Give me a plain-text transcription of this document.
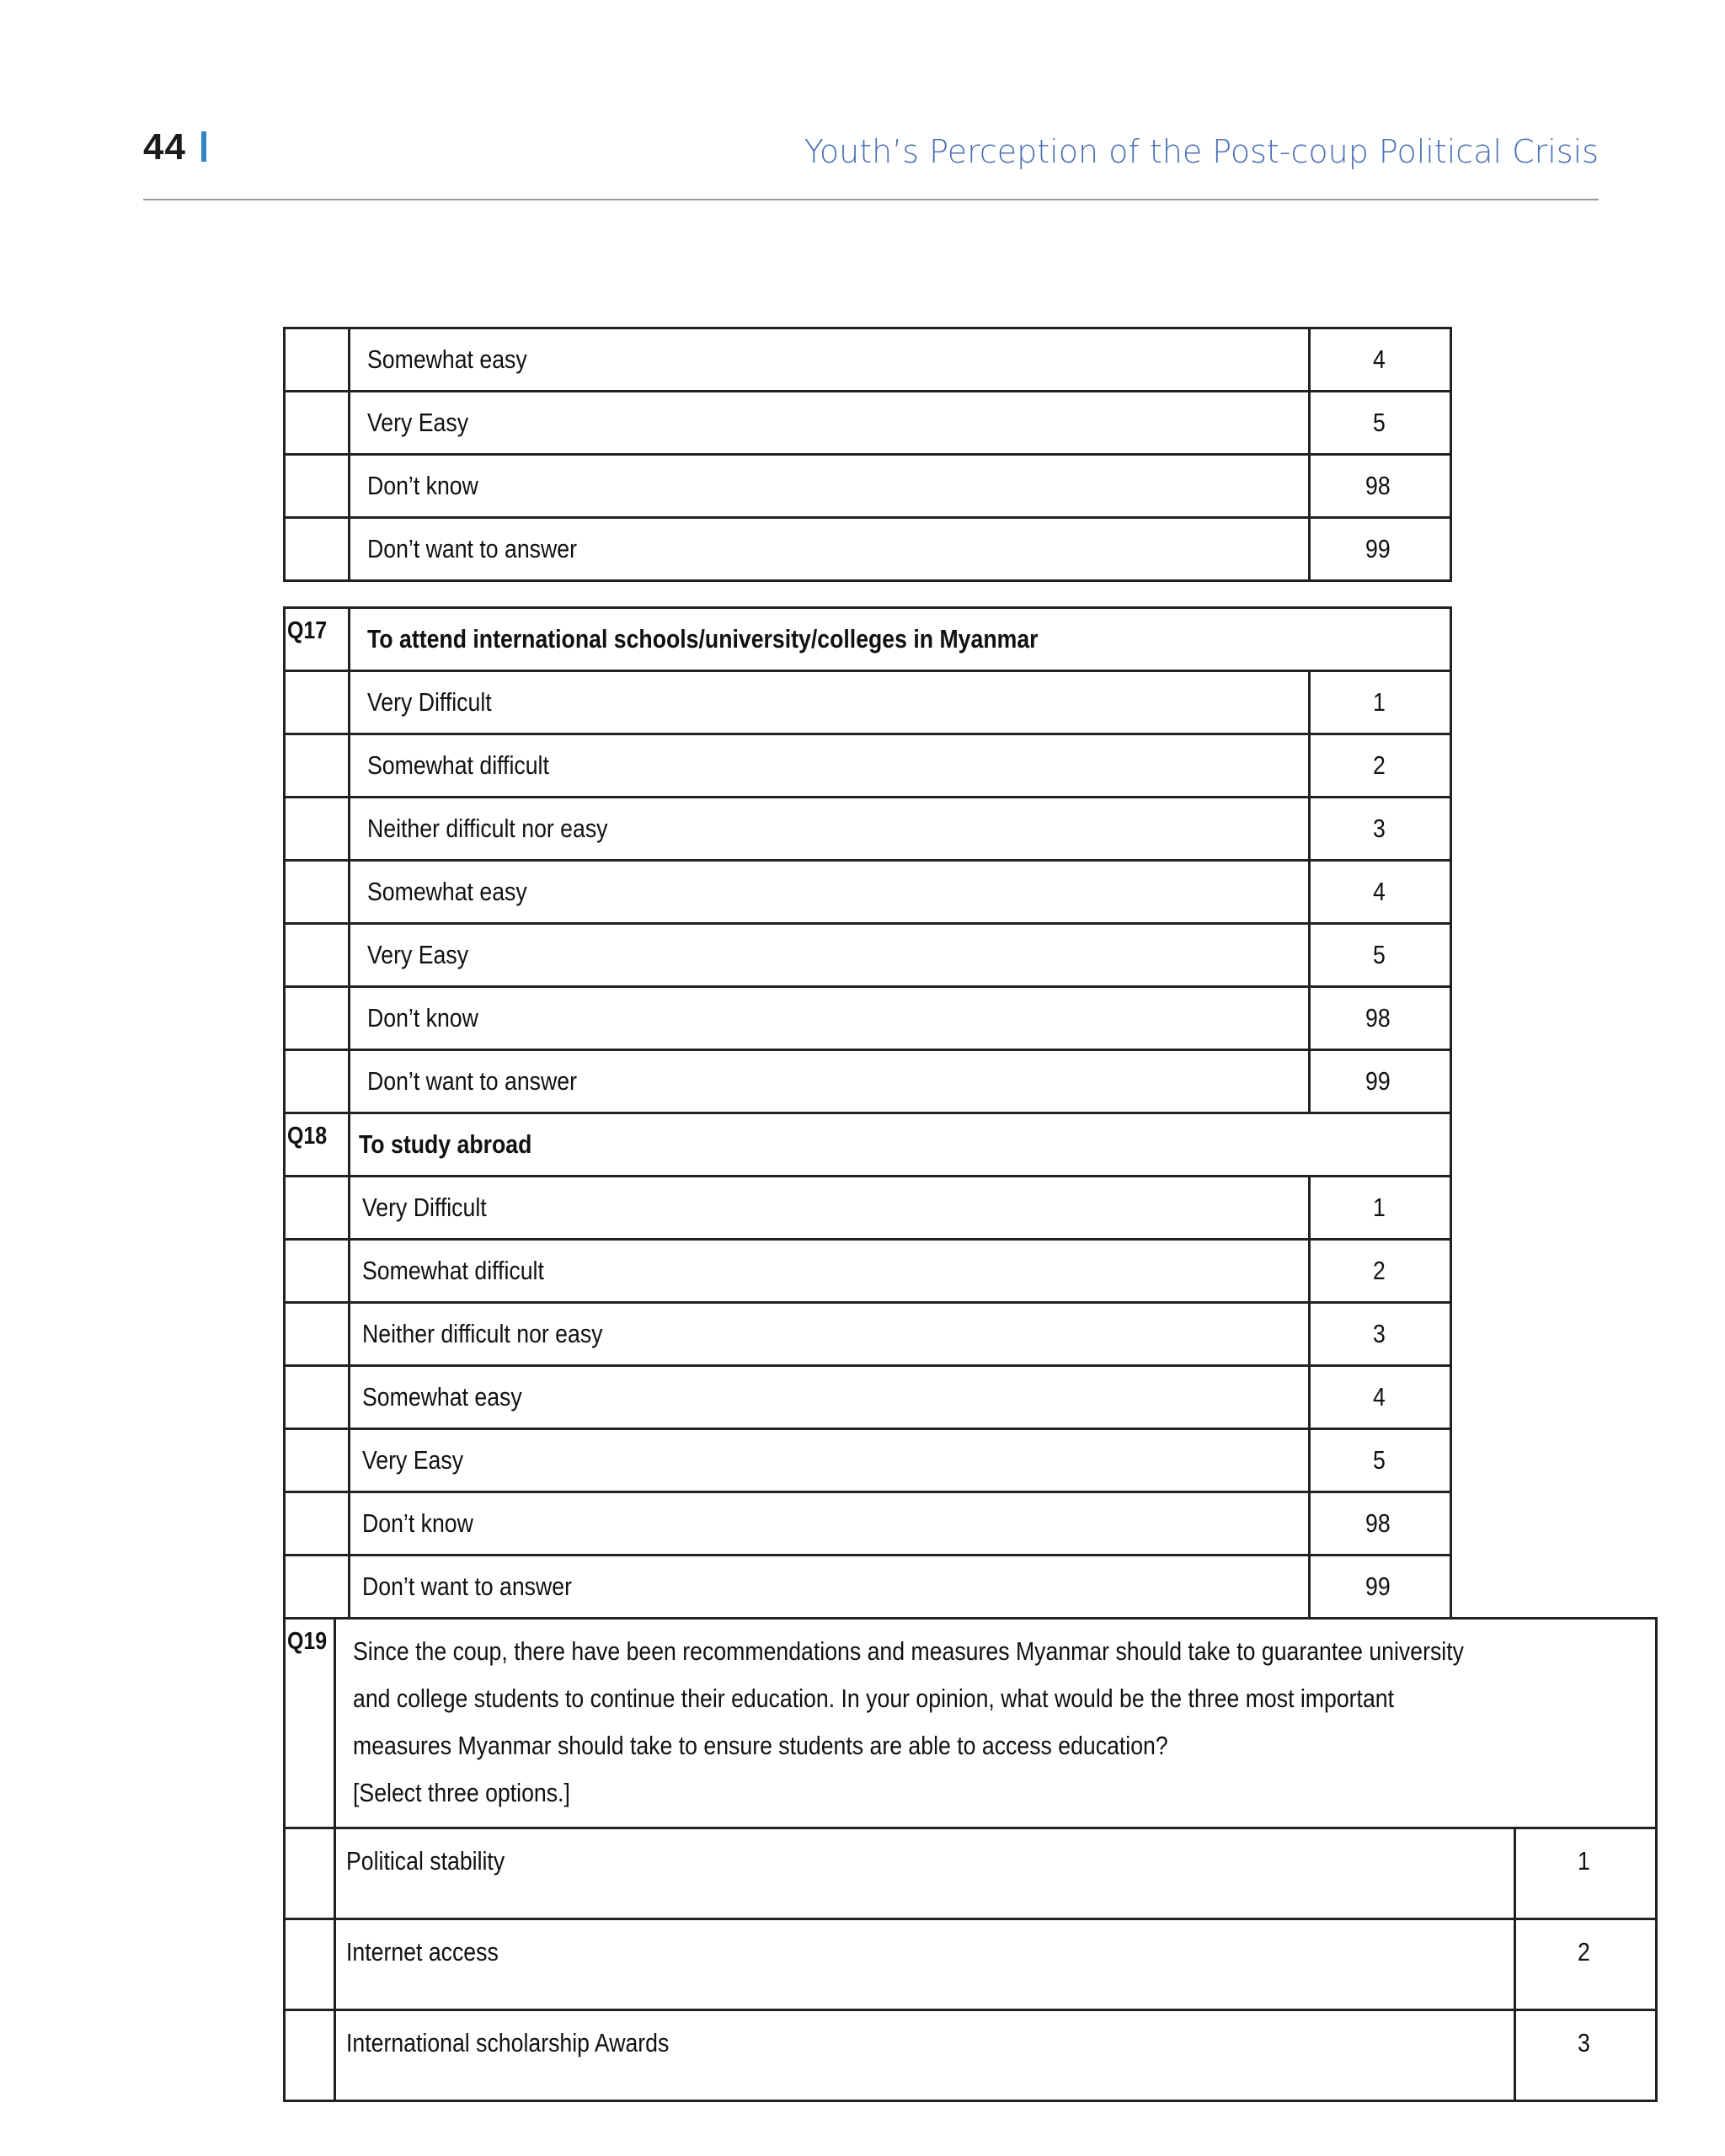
44	Youth’s Perception of the Post-coup Political Crisis
	Somewhat easy	4
	Very Easy	5
	Don’t know	98
	Don’t want to answer	99
Q17	To attend international schools/university/colleges in Myanmar	
	Very Difficult	1
	Somewhat difficult	2
	Neither difficult nor easy	3
	Somewhat easy	4
	Very Easy	5
	Don’t know	98
	Don’t want to answer	99
Q18	To study abroad	
	Very Difficult	1
	Somewhat difficult	2
	Neither difficult nor easy	3
	Somewhat easy	4
	Very Easy	5
	Don’t know	98
	Don’t want to answer	99
Q19	Since the coup, there have been recommendations and measures Myanmar should take to guarantee university
and college students to continue their education. In your opinion, what would be the three most important
measures Myanmar should take to ensure students are able to access education?
[Select three options.]	

	Political stability	1
	Internet access	2
	International scholarship Awards	3
